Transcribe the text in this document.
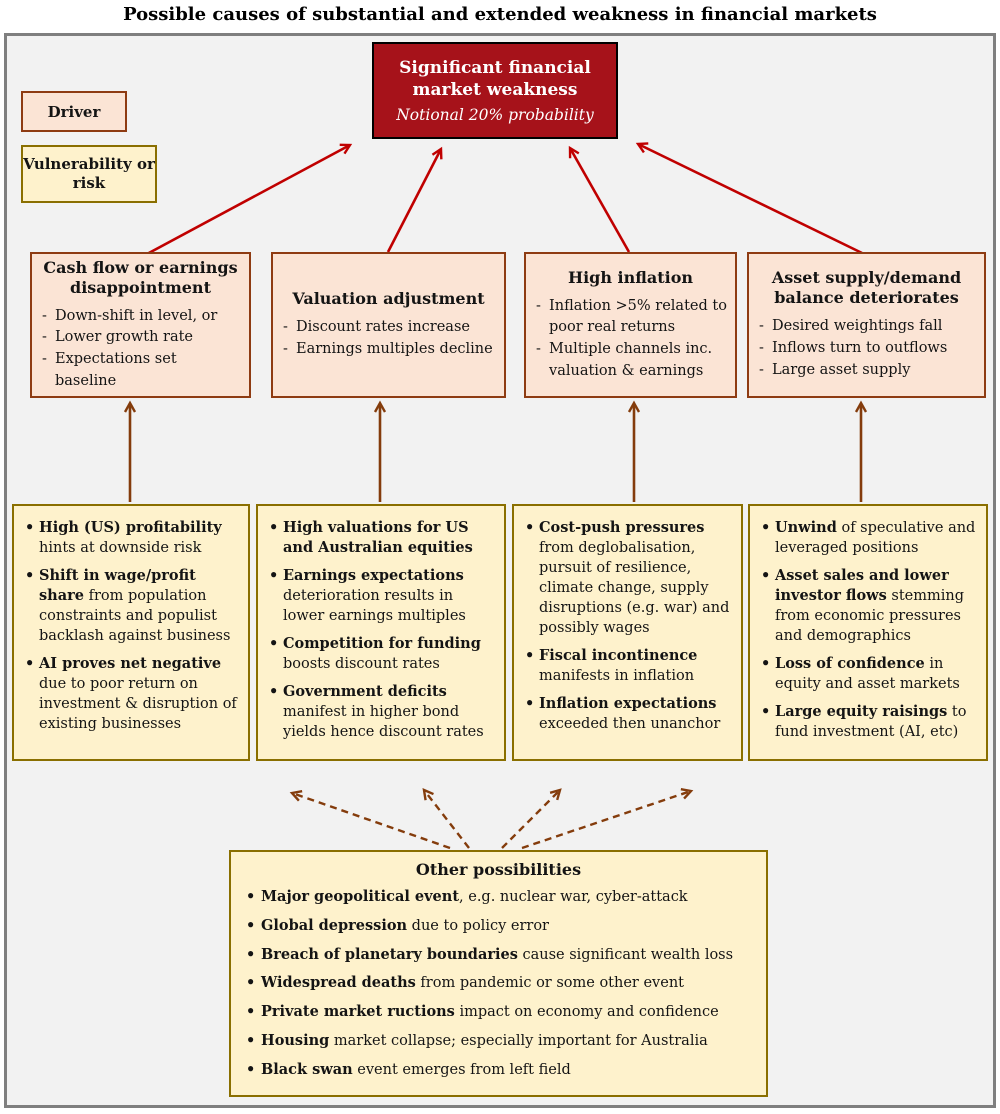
Possible causes of substantial and extended weakness in financial markets
Significant financial market weakness
Notional 20% probability
Driver
Vulnerability or risk
Cash flow or earnings disappointment
- Down-shift in level, or
- Lower growth rate
- Expectations set baseline
Valuation adjustment
- Discount rates increase
- Earnings multiples decline
High inflation
- Inflation >5% related to poor real returns
- Multiple channels inc. valuation & earnings
Asset supply/demand balance deteriorates
- Desired weightings fall
- Inflows turn to outflows
- Large asset supply
• High (US) profitability hints at downside risk
• Shift in wage/profit share from population constraints and populist backlash against business
• AI proves net negative due to poor return on investment & disruption of existing businesses
• High valuations for US and Australian equities
• Earnings expectations deterioration results in lower earnings multiples
• Competition for funding boosts discount rates
• Government deficits manifest in higher bond yields hence discount rates
• Cost-push pressures from deglobalisation, pursuit of resilience, climate change, supply disruptions (e.g. war) and possibly wages
• Fiscal incontinence manifests in inflation
• Inflation expectations exceeded then unanchor
• Unwind of speculative and leveraged positions
• Asset sales and lower investor flows stemming from economic pressures and demographics
• Loss of confidence in equity and asset markets
• Large equity raisings to fund investment (AI, etc)
Other possibilities
• Major geopolitical event, e.g. nuclear war, cyber-attack
• Global depression due to policy error
• Breach of planetary boundaries cause significant wealth loss
• Widespread deaths from pandemic or some other event
• Private market ructions impact on economy and confidence
• Housing market collapse; especially important for Australia
• Black swan event emerges from left field
